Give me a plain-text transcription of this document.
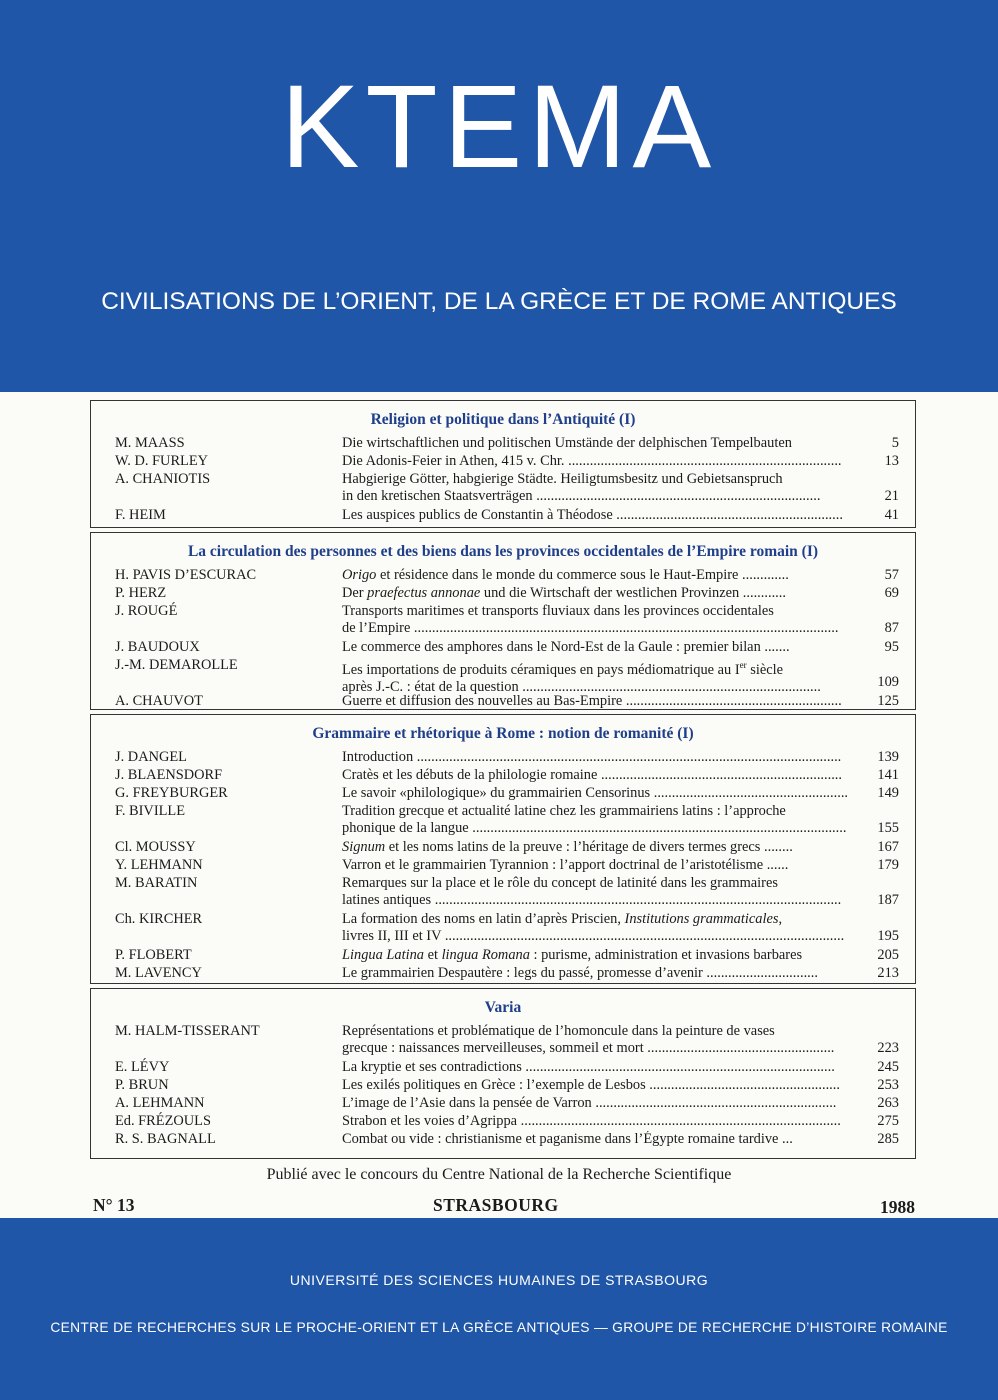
KTEMA
CIVILISATIONS DE L’ORIENT, DE LA GRÈCE ET DE ROME ANTIQUES
Religion et politique dans l’Antiquité (I)
M. MAASS	Die wirtschaftlichen und politischen Umstände der delphischen Tempelbauten	5
W. D. FURLEY	Die Adonis-Feier in Athen, 415 v. Chr. ............................................................................	13
A. CHANIOTIS	Habgierige Götter, habgierige Städte. Heiligtumsbesitz und Gebietsanspruch
in den kretischen Staatsverträgen ...............................................................................	21
F. HEIM	Les auspices publics de Constantin à Théodose ...............................................................	41
La circulation des personnes et des biens dans les provinces occidentales de l’Empire romain (I)
H. PAVIS D’ESCURAC	Origo et résidence dans le monde du commerce sous le Haut-Empire .............	57
P. HERZ	Der praefectus annonae und die Wirtschaft der westlichen Provinzen ............	69
J. ROUGÉ	Transports maritimes et transports fluviaux dans les provinces occidentales
de l’Empire ......................................................................................................................	87
J. BAUDOUX	Le commerce des amphores dans le Nord-Est de la Gaule : premier bilan .......	95
J.-M. DEMAROLLE	Les importations de produits céramiques en pays médiomatrique au Ier siècle
après J.-C. : état de la question ...................................................................................	109
A. CHAUVOT	Guerre et diffusion des nouvelles au Bas-Empire ............................................................	125
Grammaire et rhétorique à Rome : notion de romanité (I)
J. DANGEL	Introduction ......................................................................................................................	139
J. BLAENSDORF	Cratès et les débuts de la philologie romaine ...................................................................	141
G. FREYBURGER	Le savoir «philologique» du grammairien Censorinus ......................................................	149
F. BIVILLE	Tradition grecque et actualité latine chez les grammairiens latins : l’approche
phonique de la langue ........................................................................................................	155
Cl. MOUSSY	Signum et les noms latins de la preuve : l’héritage de divers termes grecs ........	167
Y. LEHMANN	Varron et le grammairien Tyrannion : l’apport doctrinal de l’aristotélisme ......	179
M. BARATIN	Remarques sur la place et le rôle du concept de latinité dans les grammaires
latines antiques .................................................................................................................	187
Ch. KIRCHER	La formation des noms en latin d’après Priscien, Institutions grammaticales,
livres II, III et IV ...............................................................................................................	195
P. FLOBERT	Lingua Latina et lingua Romana : purisme, administration et invasions barbares	205
M. LAVENCY	Le grammairien Despautère : legs du passé, promesse d’avenir ...............................	213
Varia
M. HALM-TISSERANT	Représentations et problématique de l’homoncule dans la peinture de vases
grecque : naissances merveilleuses, sommeil et mort ....................................................	223
E. LÉVY	La kryptie et ses contradictions ......................................................................................	245
P. BRUN	Les exilés politiques en Grèce : l’exemple de Lesbos .....................................................	253
A. LEHMANN	L’image de l’Asie dans la pensée de Varron ...................................................................	263
Ed. FRÉZOULS	Strabon et les voies d’Agrippa .........................................................................................	275
R. S. BAGNALL	Combat ou vide : christianisme et paganisme dans l’Égypte romaine tardive ...	285
Publié avec le concours du Centre National de la Recherche Scientifique
N° 13	STRASBOURG	1988
UNIVERSITÉ DES SCIENCES HUMAINES DE STRASBOURG
CENTRE DE RECHERCHES SUR LE PROCHE-ORIENT ET LA GRÈCE ANTIQUES — GROUPE DE RECHERCHE D’HISTOIRE ROMAINE
